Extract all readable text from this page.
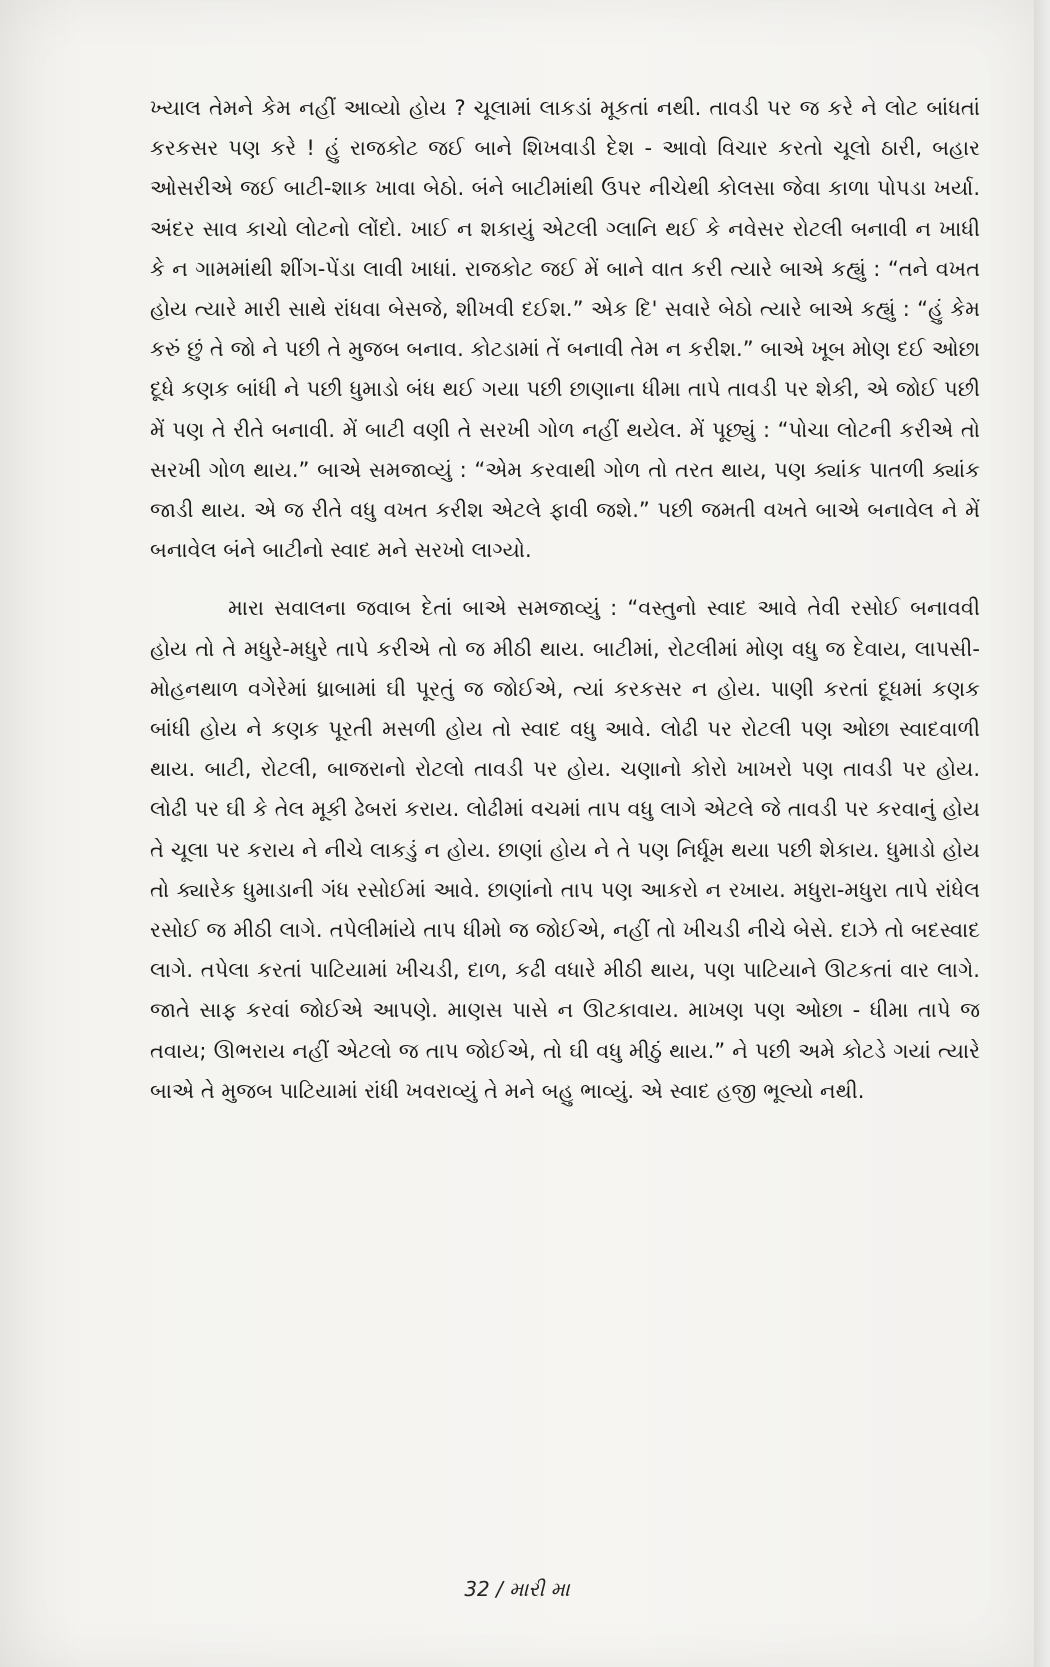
ખ્યાલ તેમને કેમ નહીં આવ્યો હોય ? ચૂલામાં લાકડાં મૂકતાં નથી. તાવડી પર જ કરે ને લોટ બાંધતાં કરકસર પણ કરે ! હું રાજકોટ જઈ બાને શિખવાડી દેશ - આવો વિચાર કરતો ચૂલો ઠારી, બહાર ઓસરીએ જઈ બાટી-શાક ખાવા બેઠો. બંને બાટીમાંથી ઉપર નીચેથી કોલસા જેવા કાળા પોપડા ખર્યા. અંદર સાવ કાચો લોટનો લોંદો. ખાઈ ન શકાયું એટલી ગ્લાનિ થઈ કે નવેસર રોટલી બનાવી ન ખાધી કે ન ગામમાંથી શીંગ-પેંડા લાવી ખાધાં. રાજકોટ જઈ મેં બાને વાત કરી ત્યારે બાએ કહ્યું : “તને વખત હોય ત્યારે મારી સાથે રાંધવા બેસજે, શીખવી દઈશ.” એક દિ' સવારે બેઠો ત્યારે બાએ કહ્યું : “હું કેમ કરું છું તે જો ને પછી તે મુજબ બનાવ. કોટડામાં તેં બનાવી તેમ ન કરીશ.” બાએ ખૂબ મોણ દઈ ઓછા દૂધે કણક બાંધી ને પછી ધુમાડો બંધ થઈ ગયા પછી છાણાના ધીમા તાપે તાવડી પર શેકી, એ જોઈ પછી મેં પણ તે રીતે બનાવી. મેં બાટી વણી તે સરખી ગોળ નહીં થયેલ. મેં પૂછ્યું : “પોચા લોટની કરીએ તો સરખી ગોળ થાય.” બાએ સમજાવ્યું : “એમ કરવાથી ગોળ તો તરત થાય, પણ ક્યાંક પાતળી ક્યાંક જાડી થાય. એ જ રીતે વધુ વખત કરીશ એટલે ફાવી જશે.” પછી જમતી વખતે બાએ બનાવેલ ને મેં બનાવેલ બંને બાટીનો સ્વાદ મને સરખો લાગ્યો.

મારા સવાલના જવાબ દેતાં બાએ સમજાવ્યું : “વસ્તુનો સ્વાદ આવે તેવી રસોઈ બનાવવી હોય તો તે મધુરે-મધુરે તાપે કરીએ તો જ મીઠી થાય. બાટીમાં, રોટલીમાં મોણ વધુ જ દેવાય, લાપસી-મોહનથાળ વગેરેમાં ધ્રાબામાં ઘી પૂરતું જ જોઈએ, ત્યાં કરકસર ન હોય. પાણી કરતાં દૂધમાં કણક બાંધી હોય ને કણક પૂરતી મસળી હોય તો સ્વાદ વધુ આવે. લોઢી પર રોટલી પણ ઓછા સ્વાદવાળી થાય. બાટી, રોટલી, બાજરાનો રોટલો તાવડી પર હોય. ચણાનો કોરો ખાખરો પણ તાવડી પર હોય. લોઢી પર ઘી કે તેલ મૂકી ઢેબરાં કરાય. લોઢીમાં વચમાં તાપ વધુ લાગે એટલે જે તાવડી પર કરવાનું હોય તે ચૂલા પર કરાય ને નીચે લાકડું ન હોય. છાણાં હોય ને તે પણ નિર્ધૂમ થયા પછી શેકાય. ધુમાડો હોય તો ક્યારેક ધુમાડાની ગંધ રસોઈમાં આવે. છાણાંનો તાપ પણ આકરો ન રખાય. મધુરા-મધુરા તાપે રાંધેલ રસોઈ જ મીઠી લાગે. તપેલીમાંયે તાપ ધીમો જ જોઈએ, નહીં તો ખીચડી નીચે બેસે. દાઝે તો બદસ્વાદ લાગે. તપેલા કરતાં પાટિયામાં ખીચડી, દાળ, કઢી વધારે મીઠી થાય, પણ પાટિયાને ઊટકતાં વાર લાગે. જાતે સાફ કરવાં જોઈએ આપણે. માણસ પાસે ન ઊટકાવાય. માખણ પણ ઓછા - ધીમા તાપે જ તવાય; ઊભરાય નહીં એટલો જ તાપ જોઈએ, તો ઘી વધુ મીઠું થાય.” ને પછી અમે કોટડે ગયાં ત્યારે બાએ તે મુજબ પાટિયામાં રાંધી ખવરાવ્યું તે મને બહુ ભાવ્યું. એ સ્વાદ હજી ભૂલ્યો નથી.

32 / મારી મા
